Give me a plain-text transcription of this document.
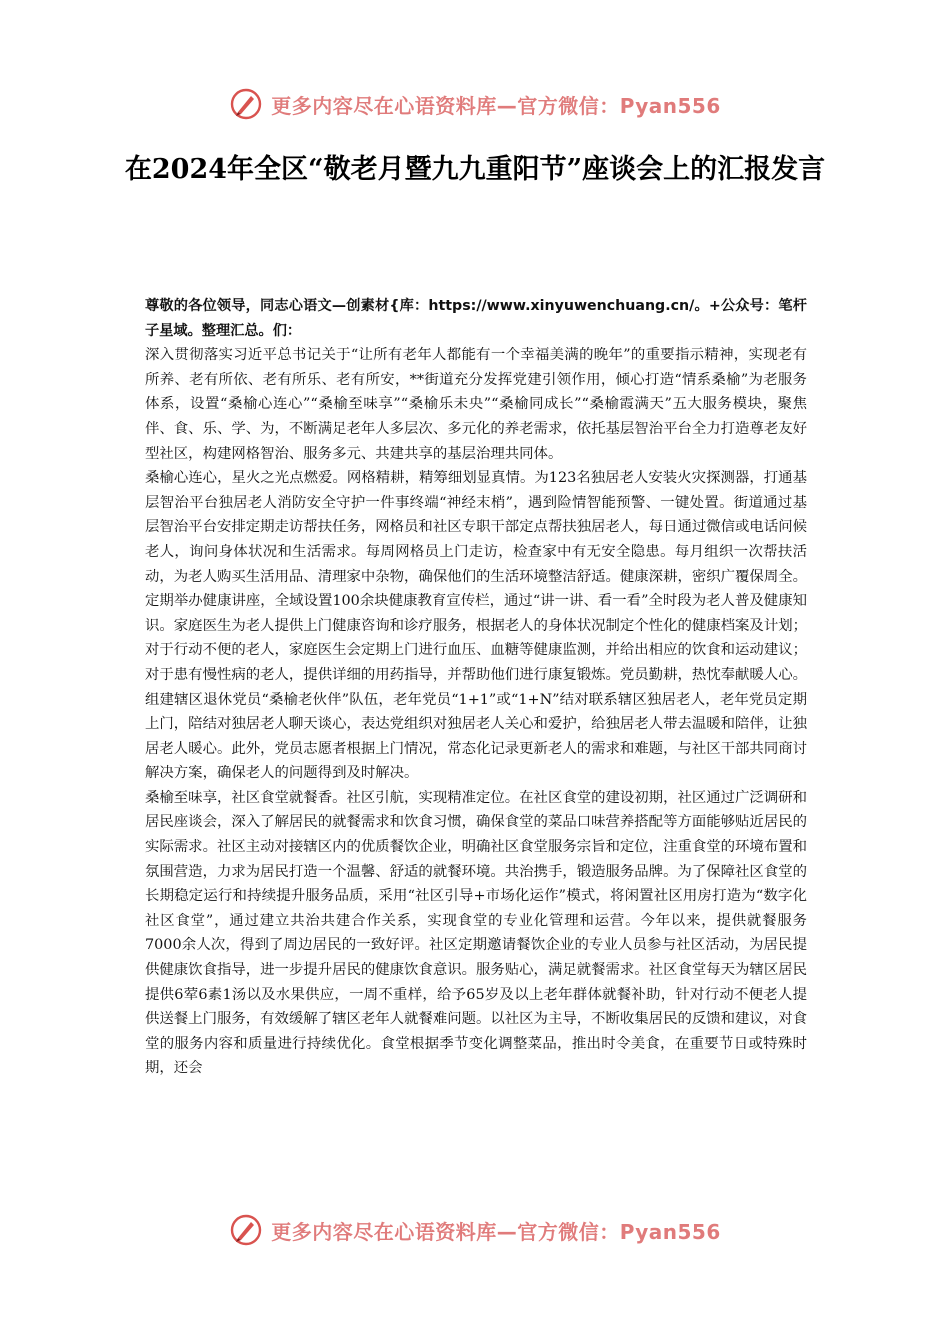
更多内容尽在心语资料库—官方微信：Pyan556
在2024年全区“敬老月暨九九重阳节”座谈会上的汇报发言

尊敬的各位领导，同志心语文—创素材{库：https://www.xinyuwenchuang.cn/。+公众号：笔杆子星域。整理汇总。们：

深入贯彻落实习近平总书记关于“让所有老年人都能有一个幸福美满的晚年”的重要指示精神，实现老有所养、老有所依、老有所乐、老有所安，**街道充分发挥党建引领作用，倾心打造“情系桑榆”为老服务体系，设置“桑榆心连心”“桑榆至味享”“桑榆乐未央”“桑榆同成长”“桑榆霞满天”五大服务模块，聚焦伴、食、乐、学、为，不断满足老年人多层次、多元化的养老需求，依托基层智治平台全力打造尊老友好型社区，构建网格智治、服务多元、共建共享的基层治理共同体。

桑榆心连心，星火之光点燃爱。网格精耕，精筹细划显真情。为123名独居老人安装火灾探测器，打通基层智治平台独居老人消防安全守护一件事终端“神经末梢”，遇到险情智能预警、一键处置。街道通过基层智治平台安排定期走访帮扶任务，网格员和社区专职干部定点帮扶独居老人，每日通过微信或电话问候老人，询问身体状况和生活需求。每周网格员上门走访，检查家中有无安全隐患。每月组织一次帮扶活动，为老人购买生活用品、清理家中杂物，确保他们的生活环境整洁舒适。健康深耕，密织广覆保周全。定期举办健康讲座，全域设置100余块健康教育宣传栏，通过“讲一讲、看一看”全时段为老人普及健康知识。家庭医生为老人提供上门健康咨询和诊疗服务，根据老人的身体状况制定个性化的健康档案及计划；对于行动不便的老人，家庭医生会定期上门进行血压、血糖等健康监测，并给出相应的饮食和运动建议；对于患有慢性病的老人，提供详细的用药指导，并帮助他们进行康复锻炼。党员勤耕，热忱奉献暖人心。组建辖区退休党员“桑榆老伙伴”队伍，老年党员“1+1”或“1+N”结对联系辖区独居老人，老年党员定期上门，陪结对独居老人聊天谈心，表达党组织对独居老人关心和爱护，给独居老人带去温暖和陪伴，让独居老人暖心。此外，党员志愿者根据上门情况，常态化记录更新老人的需求和难题，与社区干部共同商讨解决方案，确保老人的问题得到及时解决。

桑榆至味享，社区食堂就餐香。社区引航，实现精准定位。在社区食堂的建设初期，社区通过广泛调研和居民座谈会，深入了解居民的就餐需求和饮食习惯，确保食堂的菜品口味营养搭配等方面能够贴近居民的实际需求。社区主动对接辖区内的优质餐饮企业，明确社区食堂服务宗旨和定位，注重食堂的环境布置和氛围营造，力求为居民打造一个温馨、舒适的就餐环境。共治携手，锻造服务品牌。为了保障社区食堂的长期稳定运行和持续提升服务品质，采用“社区引导+市场化运作”模式，将闲置社区用房打造为“数字化社区食堂”，通过建立共治共建合作关系，实现食堂的专业化管理和运营。今年以来，提供就餐服务7000余人次，得到了周边居民的一致好评。社区定期邀请餐饮企业的专业人员参与社区活动，为居民提供健康饮食指导，进一步提升居民的健康饮食意识。服务贴心，满足就餐需求。社区食堂每天为辖区居民提供6荤6素1汤以及水果供应，一周不重样，给予65岁及以上老年群体就餐补助，针对行动不便老人提供送餐上门服务，有效缓解了辖区老年人就餐难问题。以社区为主导，不断收集居民的反馈和建议，对食堂的服务内容和质量进行持续优化。食堂根据季节变化调整菜品，推出时令美食，在重要节日或特殊时期，还会

更多内容尽在心语资料库—官方微信：Pyan556
